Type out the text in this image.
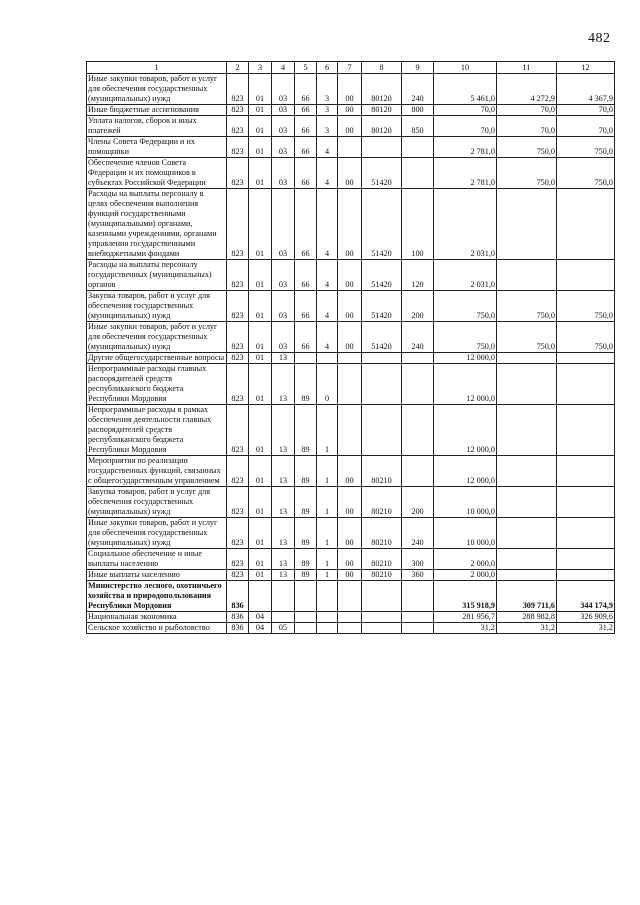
482
1	2	3	4	5	6	7	8	9	10	11	12
Иные закупки товаров, работ и услуг для обеспечения государственных (муниципальных) нужд	823	01	03	66	3	00	80120	240	5 461,0	4 272,9	4 367,9
Иные бюджетные ассигнования	823	01	03	66	3	00	80120	800	70,0	70,0	70,0
Уплата налогов, сборов и иных платежей	823	01	03	66	3	00	80120	850	70,0	70,0	70,0
Члены Совета Федерации и их помощники	823	01	03	66	4				2 781,0	750,0	750,0
Обеспечение членов Совета Федерации и их помощников в субъектах Российской Федерации	823	01	03	66	4	00	51420		2 781,0	750,0	750,0
Расходы на выплаты персоналу в целях обеспечения выполнения функций государственными (муниципальными) органами, казенными учреждениями, органами управления государственными внебюджетными фондами	823	01	03	66	4	00	51420	100	2 031,0		
Расходы на выплаты персоналу государственных (муниципальных) органов	823	01	03	66	4	00	51420	120	2 031,0		
Закупка товаров, работ и услуг для обеспечения государственных (муниципальных) нужд	823	01	03	66	4	00	51420	200	750,0	750,0	750,0
Иные закупки товаров, работ и услуг для обеспечения государственных (муниципальных) нужд	823	01	03	66	4	00	51420	240	750,0	750,0	750,0
Другие общегосударственные вопросы	823	01	13						12 000,0		
Непрограммные расходы главных распорядителей средств республиканского бюджета Республики Мордовия	823	01	13	89	0				12 000,0		
Непрограммные расходы в рамках обеспечения деятельности главных распорядителей средств республиканского бюджета Республики Мордовия	823	01	13	89	1				12 000,0		
Мероприятия по реализации государственных функций, связанных с общегосударственным управлением	823	01	13	89	1	00	80210		12 000,0		
Закупка товаров, работ и услуг для обеспечения государственных (муниципальных) нужд	823	01	13	89	1	00	80210	200	10 000,0		
Иные закупки товаров, работ и услуг для обеспечения государственных (муниципальных) нужд	823	01	13	89	1	00	80210	240	10 000,0		
Социальное обеспечение и иные выплаты населению	823	01	13	89	1	00	80210	300	2 000,0		
Иные выплаты населению	823	01	13	89	1	00	80210	360	2 000,0		
Министерство лесного, охотничьего хозяйства и природопользования Республики Мордовия	836								315 918,9	309 711,6	344 174,9
Национальная экономика	836	04							281 956,7	288 982,8	326 909,6
Сельское хозяйство и рыболовство	836	04	05						31,2	31,2	31,2
